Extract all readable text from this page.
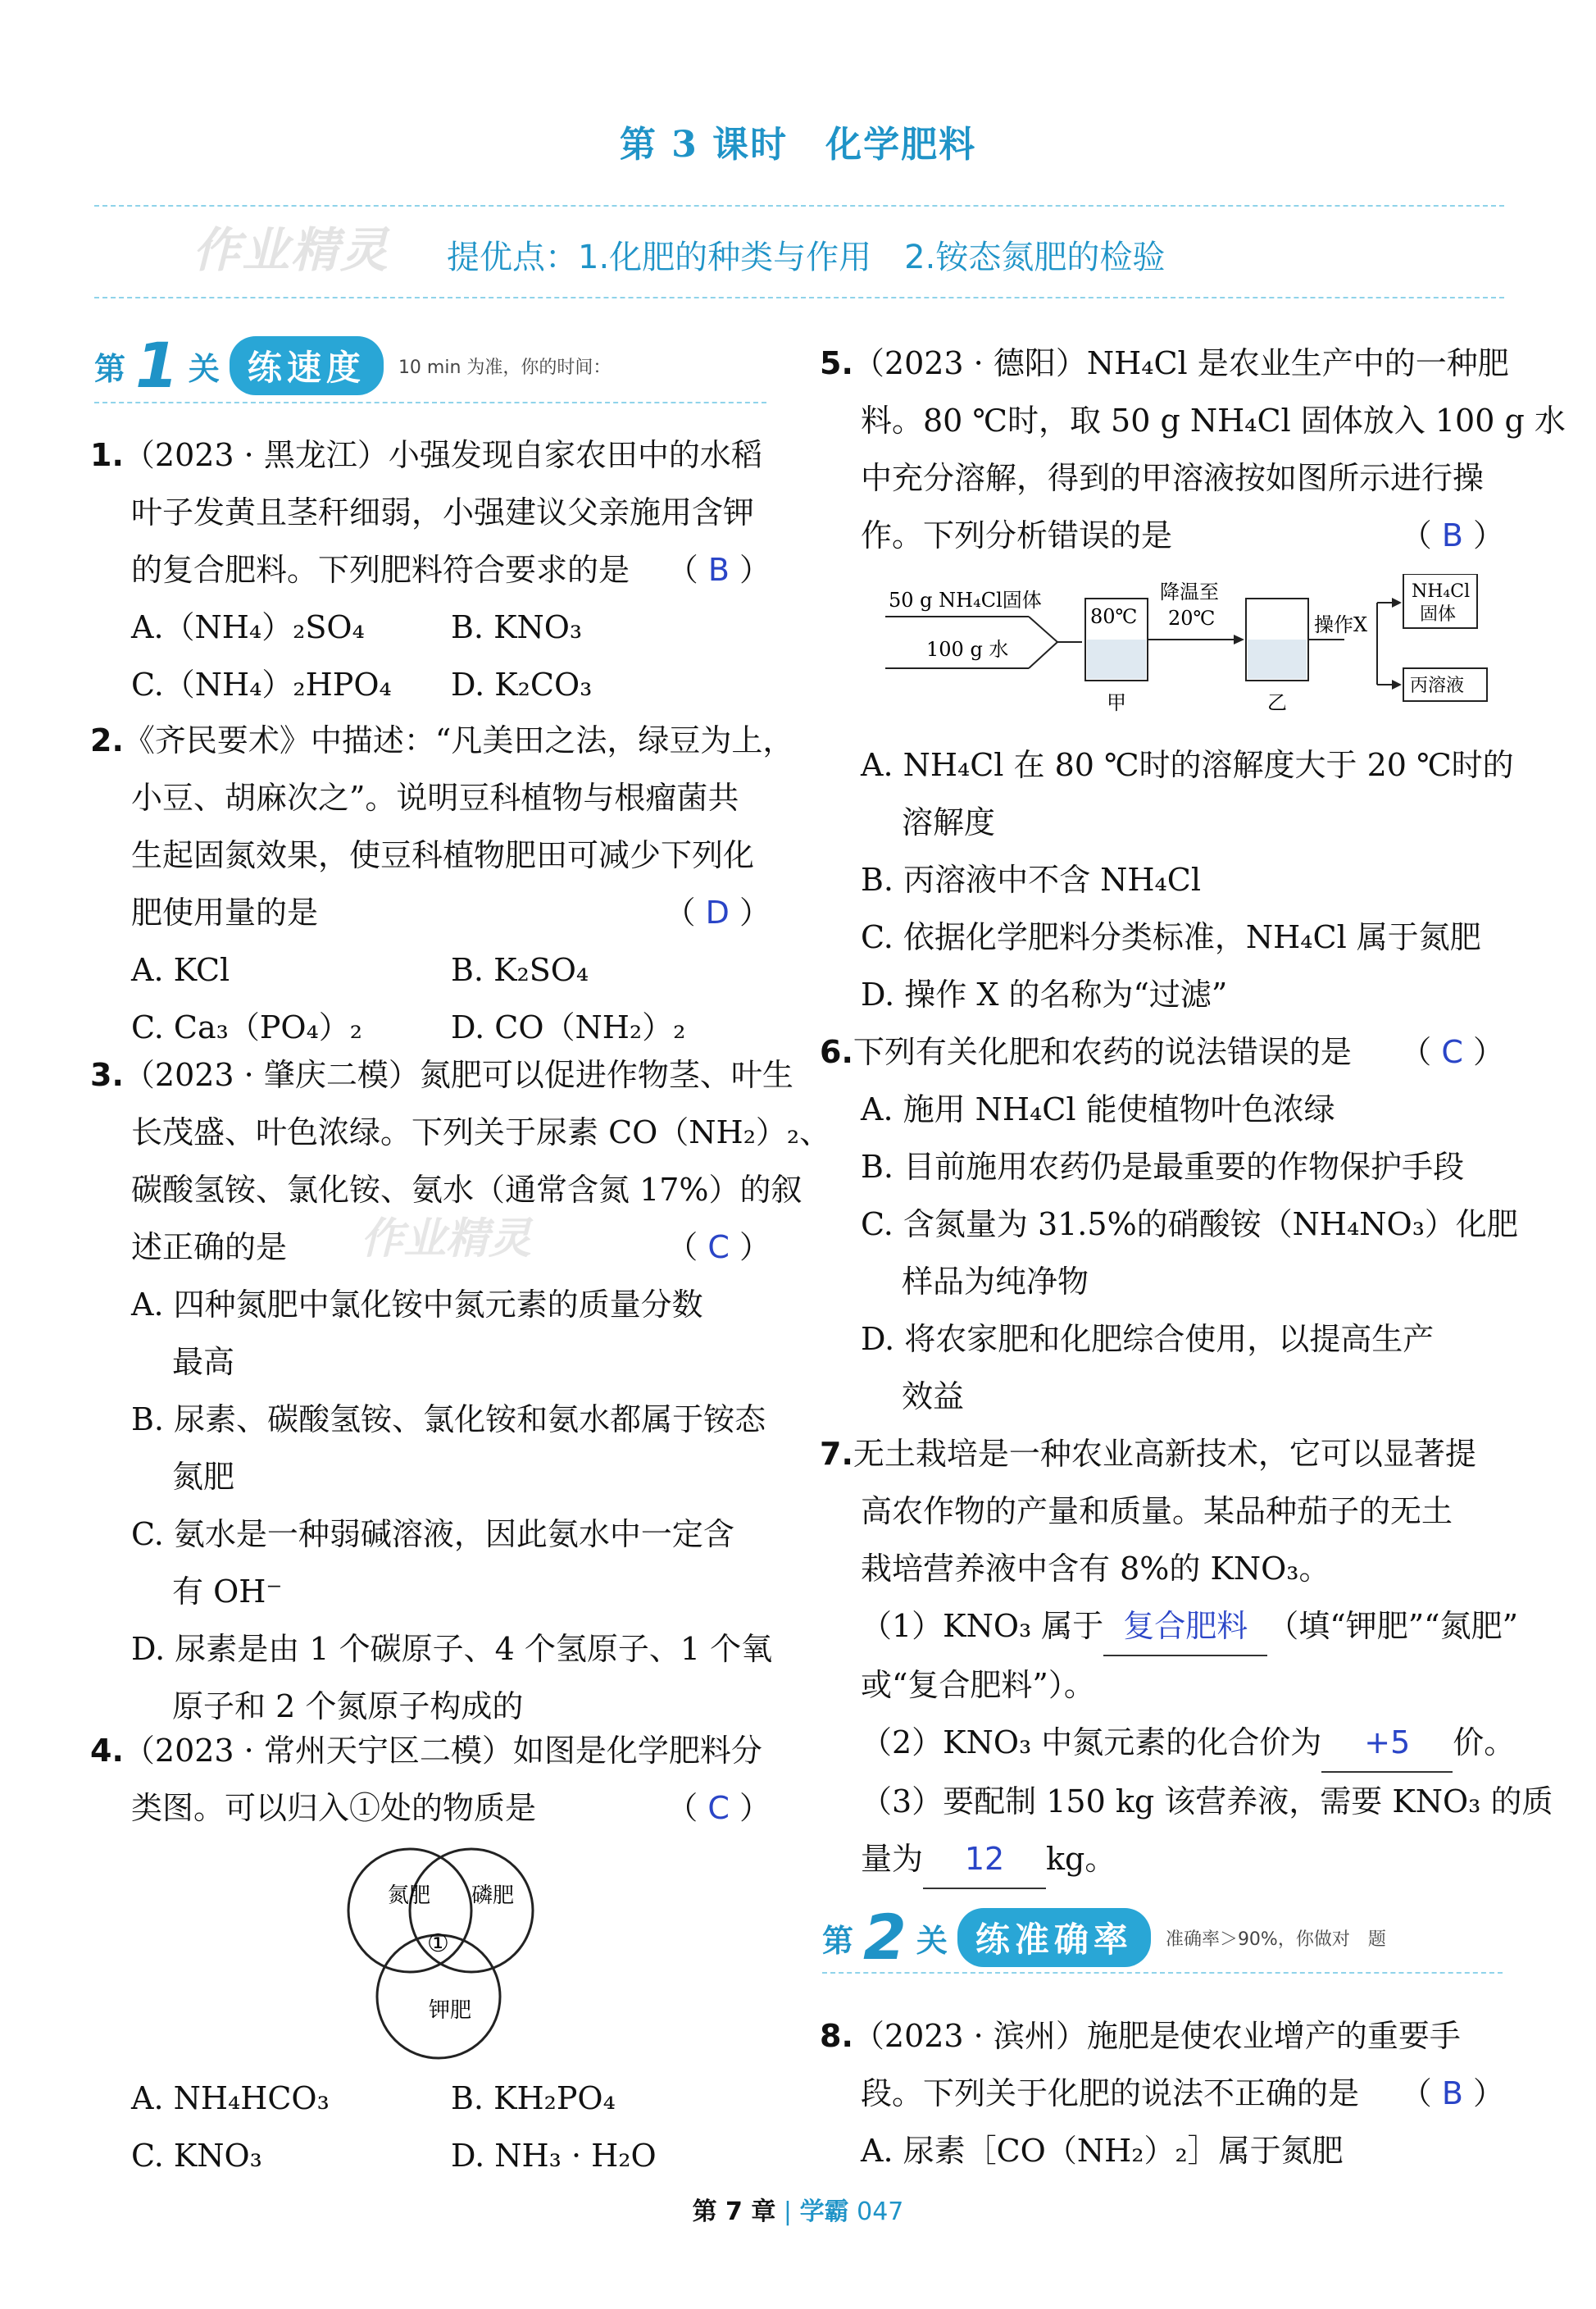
第 3 课时　化学肥料
作业精灵 提优点：1.化肥的种类与作用　2.铵态氮肥的检验
第 1 关 练速度	10 min 为准，你的时间：
1.（2023 · 黑龙江）小强发现自家农田中的水稻
叶子发黄且茎秆细弱，小强建议父亲施用含钾
的复合肥料。下列肥料符合要求的是 （ B ）
A.（NH₄）₂SO₄	B. KNO₃
C.（NH₄）₂HPO₄	D. K₂CO₃
2.《齐民要术》中描述：“凡美田之法，绿豆为上，
小豆、胡麻次之”。说明豆科植物与根瘤菌共
生起固氮效果，使豆科植物肥田可减少下列化
肥使用量的是	（ D ）
A. KCl	B. K₂SO₄
C. Ca₃（PO₄）₂	D. CO（NH₂）₂
3.（2023 · 肇庆二模）氮肥可以促进作物茎、叶生
长茂盛、叶色浓绿。下列关于尿素 CO（NH₂）₂、
碳酸氢铵、氯化铵、氨水（通常含氮 17%）的叙
述正确的是 作业精灵	（ C ）
A. 四种氮肥中氯化铵中氮元素的质量分数
最高
B. 尿素、碳酸氢铵、氯化铵和氨水都属于铵态
氮肥
C. 氨水是一种弱碱溶液，因此氨水中一定含
有 OH⁻
D. 尿素是由 1 个碳原子、4 个氢原子、1 个氧
原子和 2 个氮原子构成的
4.（2023 · 常州天宁区二模）如图是化学肥料分
类图。可以归入①处的物质是	（ C ）
氮肥 磷肥
钾肥
①
A. NH₄HCO₃	B. KH₂PO₄
C. KNO₃	D. NH₃ · H₂O
5.（2023 · 德阳）NH₄Cl 是农业生产中的一种肥
料。80 ℃时，取 50 g NH₄Cl 固体放入 100 g 水
中充分溶解，得到的甲溶液按如图所示进行操
作。下列分析错误的是	（ B ）
50 g NH₄Cl固体
100 g 水
80℃
甲
降温至
20℃
乙
操作X
NH₄Cl
固体
丙溶液
A. NH₄Cl 在 80 ℃时的溶解度大于 20 ℃时的
溶解度
B. 丙溶液中不含 NH₄Cl
C. 依据化学肥料分类标准，NH₄Cl 属于氮肥
D. 操作 X 的名称为“过滤”
6.下列有关化肥和农药的说法错误的是 （ C ）
A. 施用 NH₄Cl 能使植物叶色浓绿
B. 目前施用农药仍是最重要的作物保护手段
C. 含氮量为 31.5%的硝酸铵（NH₄NO₃）化肥
样品为纯净物
D. 将农家肥和化肥综合使用，以提高生产
效益
7.无土栽培是一种农业高新技术，它可以显著提
高农作物的产量和质量。某品种茄子的无土
栽培营养液中含有 8%的 KNO₃。
（1）KNO₃ 属于 复合肥料 （填“钾肥”“氮肥”
或“复合肥料”）。
（2）KNO₃ 中氮元素的化合价为 +5 价。
（3）要配制 150 kg 该营养液，需要 KNO₃ 的质
量为 12 kg。
第 2 关 练准确率	准确率＞90%，你做对　题
8.（2023 · 滨州）施肥是使农业增产的重要手
段。下列关于化肥的说法不正确的是 （ B ）
A. 尿素［CO（NH₂）₂］属于氮肥
第 7 章 | 学霸 047
